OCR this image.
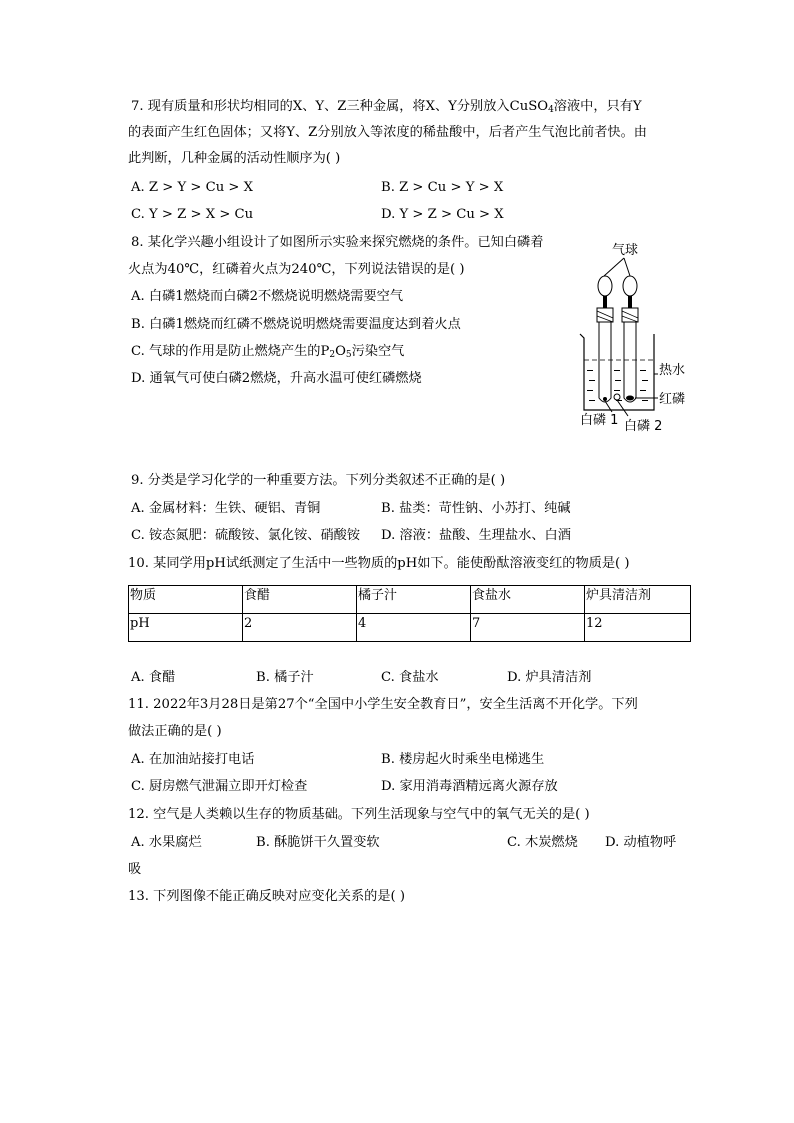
7. 现有质量和形状均相同的X、Y、Z三种金属，将X、Y分别放入CuSO$_4$溶液中，只有Y
的表面产生红色固体；又将Y、Z分别放入等浓度的稀盐酸中，后者产生气泡比前者快。由
此判断，几种金属的活动性顺序为( )
A. Z > Y > Cu > X	B. Z > Cu > Y > X
C. Y > Z > X > Cu	D. Y > Z > Cu > X
8. 某化学兴趣小组设计了如图所示实验来探究燃烧的条件。已知白磷着
火点为40℃，红磷着火点为240℃，下列说法错误的是( )
A. 白磷1燃烧而白磷2不燃烧说明燃烧需要空气
B. 白磷1燃烧而红磷不燃烧说明燃烧需要温度达到着火点
C. 气球的作用是防止燃烧产生的$P_2O_5$污染空气
D. 通氧气可使白磷2燃烧，升高水温可使红磷燃烧
气球
热水
红磷
白磷 1 白磷 2
9. 分类是学习化学的一种重要方法。下列分类叙述不正确的是( )
A. 金属材料：生铁、硬铝、青铜	B. 盐类：苛性钠、小苏打、纯碱
C. 铵态氮肥：硫酸铵、氯化铵、硝酸铵 D. 溶液：盐酸、生理盐水、白酒
10. 某同学用pH试纸测定了生活中一些物质的pH如下。能使酚酞溶液变红的物质是( )
物质	食醋	橘子汁	食盐水	炉具清洁剂
pH	2	4	7	12
A. 食醋	B. 橘子汁	C. 食盐水	D. 炉具清洁剂
11. 2022年3月28日是第27个“全国中小学生安全教育日”，安全生活离不开化学。下列
做法正确的是( )
A. 在加油站接打电话	B. 楼房起火时乘坐电梯逃生
C. 厨房燃气泄漏立即开灯检查	D. 家用消毒酒精远离火源存放
12. 空气是人类赖以生存的物质基础。下列生活现象与空气中的氧气无关的是( )
A. 水果腐烂	B. 酥脆饼干久置变软	C. 木炭燃烧 D. 动植物呼
吸
13. 下列图像不能正确反映对应变化关系的是( )
